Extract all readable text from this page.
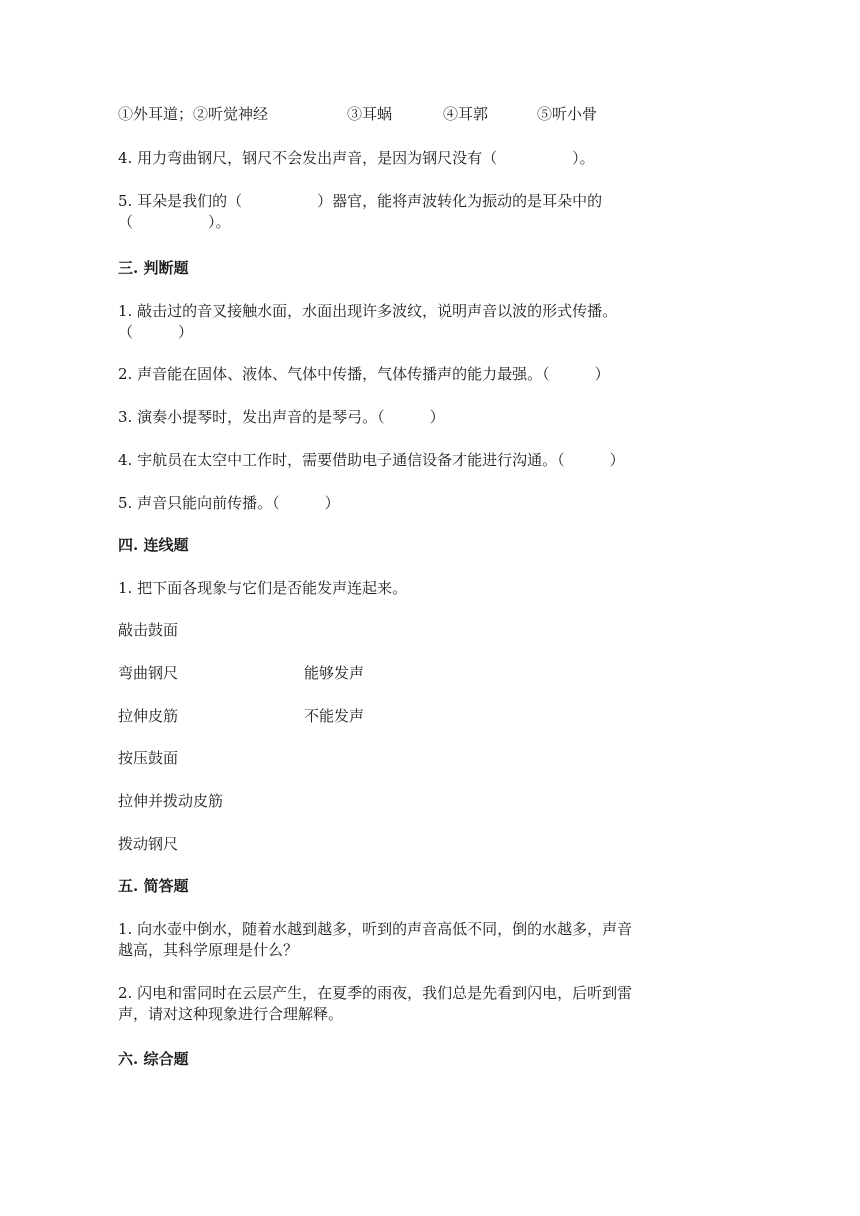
①外耳道；②听觉神经	③耳蜗	④耳郭	⑤听小骨
4. 用力弯曲钢尺，钢尺不会发出声音，是因为钢尺没有（　　　　　）。
5. 耳朵是我们的（　　　　　）器官，能将声波转化为振动的是耳朵中的
（　　　　　）。
三. 判断题
1. 敲击过的音叉接触水面，水面出现许多波纹，说明声音以波的形式传播。
（　　　）
2. 声音能在固体、液体、气体中传播，气体传播声的能力最强。（　　　）
3. 演奏小提琴时，发出声音的是琴弓。（　　　）
4. 宇航员在太空中工作时，需要借助电子通信设备才能进行沟通。（　　　）
5. 声音只能向前传播。（　　　）
四. 连线题
1. 把下面各现象与它们是否能发声连起来。
敲击鼓面
弯曲钢尺	能够发声
拉伸皮筋	不能发声
按压鼓面
拉伸并拨动皮筋
拨动钢尺
五. 简答题
1. 向水壶中倒水，随着水越到越多，听到的声音高低不同，倒的水越多，声音
越高，其科学原理是什么？
2. 闪电和雷同时在云层产生，在夏季的雨夜，我们总是先看到闪电，后听到雷
声，请对这种现象进行合理解释。
六. 综合题
